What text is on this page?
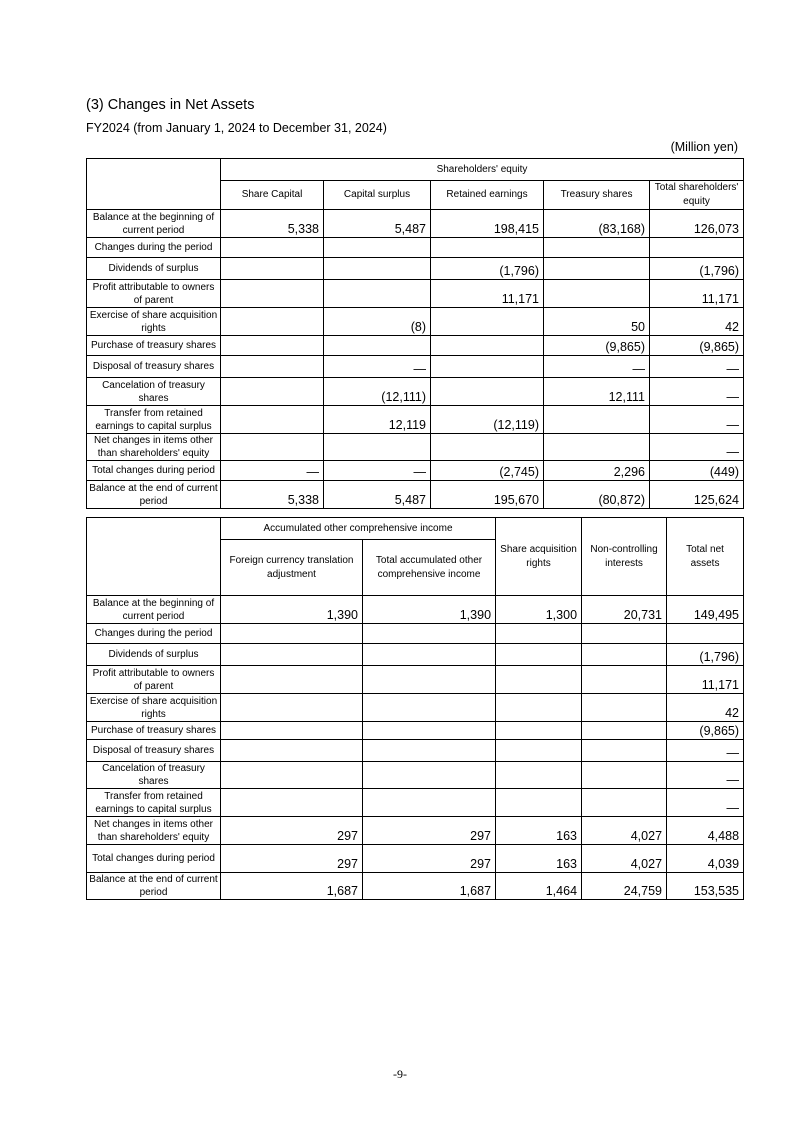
(3) Changes in Net Assets
FY2024 (from January 1, 2024 to December 31, 2024)
(Million yen)
	Shareholders' equity				
	Share Capital	Capital surplus	Retained earnings	Treasury shares	Total shareholders' equity
Balance at the beginning of current period	5,338	5,487	198,415	(83,168)	126,073
Changes during the period					
Dividends of surplus			(1,796)		(1,796)
Profit attributable to owners of parent			11,171		11,171
Exercise of share acquisition rights		(8)		50	42
Purchase of treasury shares				(9,865)	(9,865)
Disposal of treasury shares		—		—	—
Cancelation of treasury shares		(12,111)		12,111	—
Transfer from retained earnings to capital surplus		12,119	(12,119)		—
Net changes in items other than shareholders' equity					—
Total changes during period	—	—	(2,745)	2,296	(449)
Balance at the end of current period	5,338	5,487	195,670	(80,872)	125,624
	Accumulated other comprehensive income		Share acquisition rights	Non-controlling interests	Total net assets
	Foreign currency translation adjustment	Total accumulated other comprehensive income			
Balance at the beginning of current period	1,390	1,390	1,300	20,731	149,495
Changes during the period					
Dividends of surplus					(1,796)
Profit attributable to owners of parent					11,171
Exercise of share acquisition rights					42
Purchase of treasury shares					(9,865)
Disposal of treasury shares					—
Cancelation of treasury shares					—
Transfer from retained earnings to capital surplus					—
Net changes in items other than shareholders' equity	297	297	163	4,027	4,488
Total changes during period	297	297	163	4,027	4,039
Balance at the end of current period	1,687	1,687	1,464	24,759	153,535
-9-
